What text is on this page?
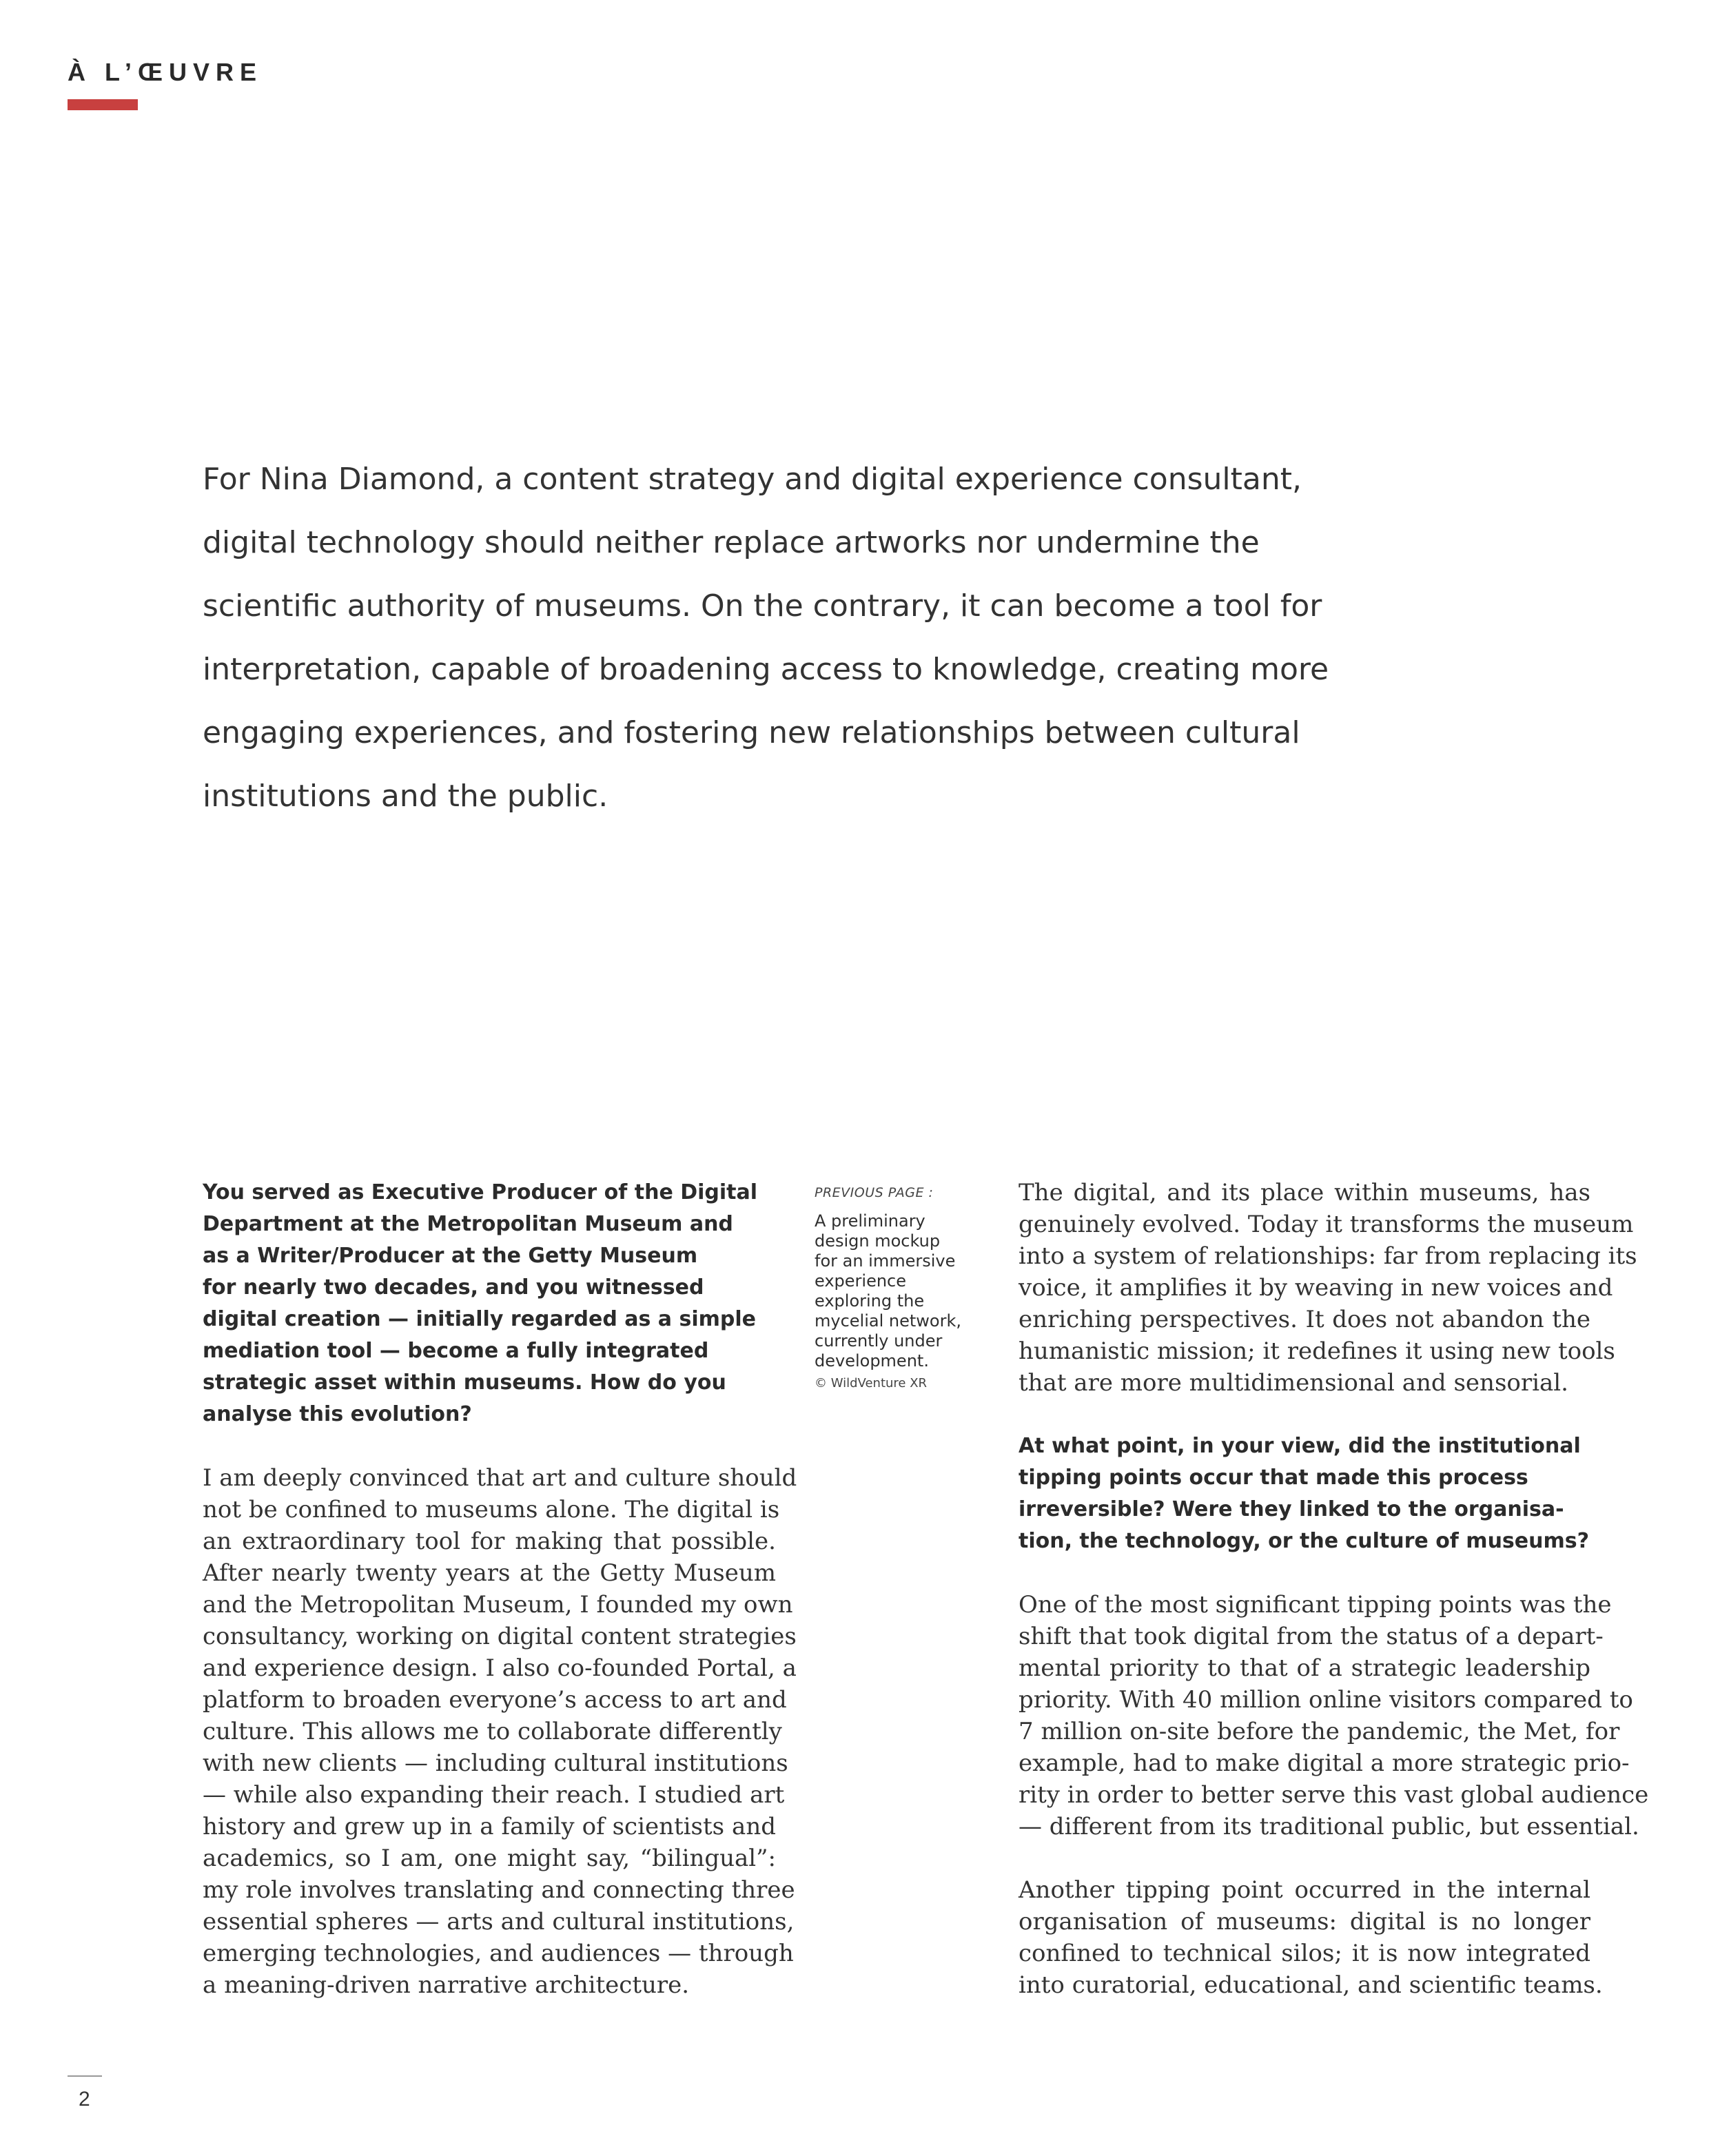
À L’ŒUVRE
For Nina Diamond, a content strategy and digital experience consultant,
digital technology should neither replace artworks nor undermine the
scientific authority of museums. On the contrary, it can become a tool for
interpretation, capable of broadening access to knowledge, creating more
engaging experiences, and fostering new relationships between cultural
institutions and the public.
You served as Executive Producer of the Digital
Department at the Metropolitan Museum and
as a Writer/Producer at the Getty Museum
for nearly two decades, and you witnessed
digital creation — initially regarded as a simple
mediation tool — become a fully integrated
strategic asset within museums. How do you
analyse this evolution?
I am deeply convinced that art and culture should
not be confined to museums alone. The digital is
an extraordinary tool for making that possible.
After nearly twenty years at the Getty Museum
and the Metropolitan Museum, I founded my own
consultancy, working on digital content strategies
and experience design. I also co-founded Portal, a
platform to broaden everyone’s access to art and
culture. This allows me to collaborate differently
with new clients — including cultural institutions
— while also expanding their reach. I studied art
history and grew up in a family of scientists and
academics, so I am, one might say, “bilingual”:
my role involves translating and connecting three
essential spheres — arts and cultural institutions,
emerging technologies, and audiences — through
a meaning-driven narrative architecture.
PREVIOUS PAGE :
A preliminary
design mockup
for an immersive
experience
exploring the
mycelial network,
currently under
development.
© WildVenture XR
The digital, and its place within museums, has
genuinely evolved. Today it transforms the museum
into a system of relationships: far from replacing its
voice, it amplifies it by weaving in new voices and
enriching perspectives. It does not abandon the
humanistic mission; it redefines it using new tools
that are more multidimensional and sensorial.
At what point, in your view, did the institutional
tipping points occur that made this process
irreversible? Were they linked to the organisa-
tion, the technology, or the culture of museums?
One of the most significant tipping points was the
shift that took digital from the status of a depart-
mental priority to that of a strategic leadership
priority. With 40 million online visitors compared to
7 million on-site before the pandemic, the Met, for
example, had to make digital a more strategic prio-
rity in order to better serve this vast global audience
— different from its traditional public, but essential.
Another tipping point occurred in the internal
organisation of museums: digital is no longer
confined to technical silos; it is now integrated
into curatorial, educational, and scientific teams.
2
